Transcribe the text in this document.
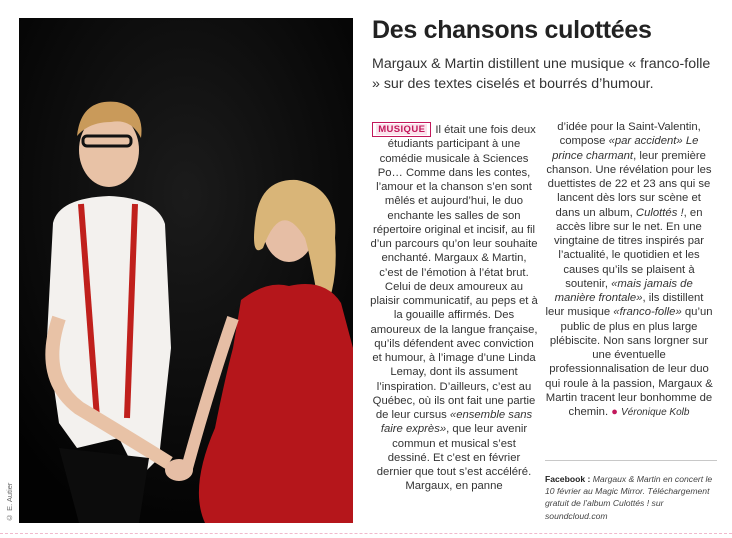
© E. Autier
Des chansons culottées

Margaux & Martin distillent une musique « franco-folle » sur des textes ciselés et bourrés d’humour.

MUSIQUE Il était une fois deux étudiants participant à une comédie musicale à Sciences Po… Comme dans les contes, l’amour et la chanson s’en sont mêlés et aujourd’hui, le duo enchante les salles de son répertoire original et incisif, au fil d’un parcours qu’on leur souhaite enchanté. Margaux & Martin, c’est de l’émotion à l’état brut. Celui de deux amoureux au plaisir communicatif, au peps et à la gouaille affirmés. Des amoureux de la langue française, qu’ils défendent avec conviction et humour, à l’image d’une Linda Lemay, dont ils assument l’inspiration. D’ailleurs, c’est au Québec, où ils ont fait une partie de leur cursus «ensemble sans faire exprès», que leur avenir commun et musical s’est dessiné. Et c’est en février dernier que tout s’est accéléré. Margaux, en panne

d’idée pour la Saint-Valentin, compose «par accident» Le prince charmant, leur première chanson. Une révélation pour les duettistes de 22 et 23 ans qui se lancent dès lors sur scène et dans un album, Culottés !, en accès libre sur le net. En une vingtaine de titres inspirés par l’actualité, le quotidien et les causes qu’ils se plaisent à soutenir, «mais jamais de manière frontale», ils distillent leur musique «franco-folle» qu’un public de plus en plus large plébiscite. Non sans lorgner sur une éventuelle professionnalisation de leur duo qui roule à la passion, Margaux & Martin tracent leur bonhomme de chemin. ● Véronique Kolb

Facebook : Margaux & Martin en concert le 10 février au Magic Mirror. Téléchargement gratuit de l’album Culottés ! sur soundcloud.com
